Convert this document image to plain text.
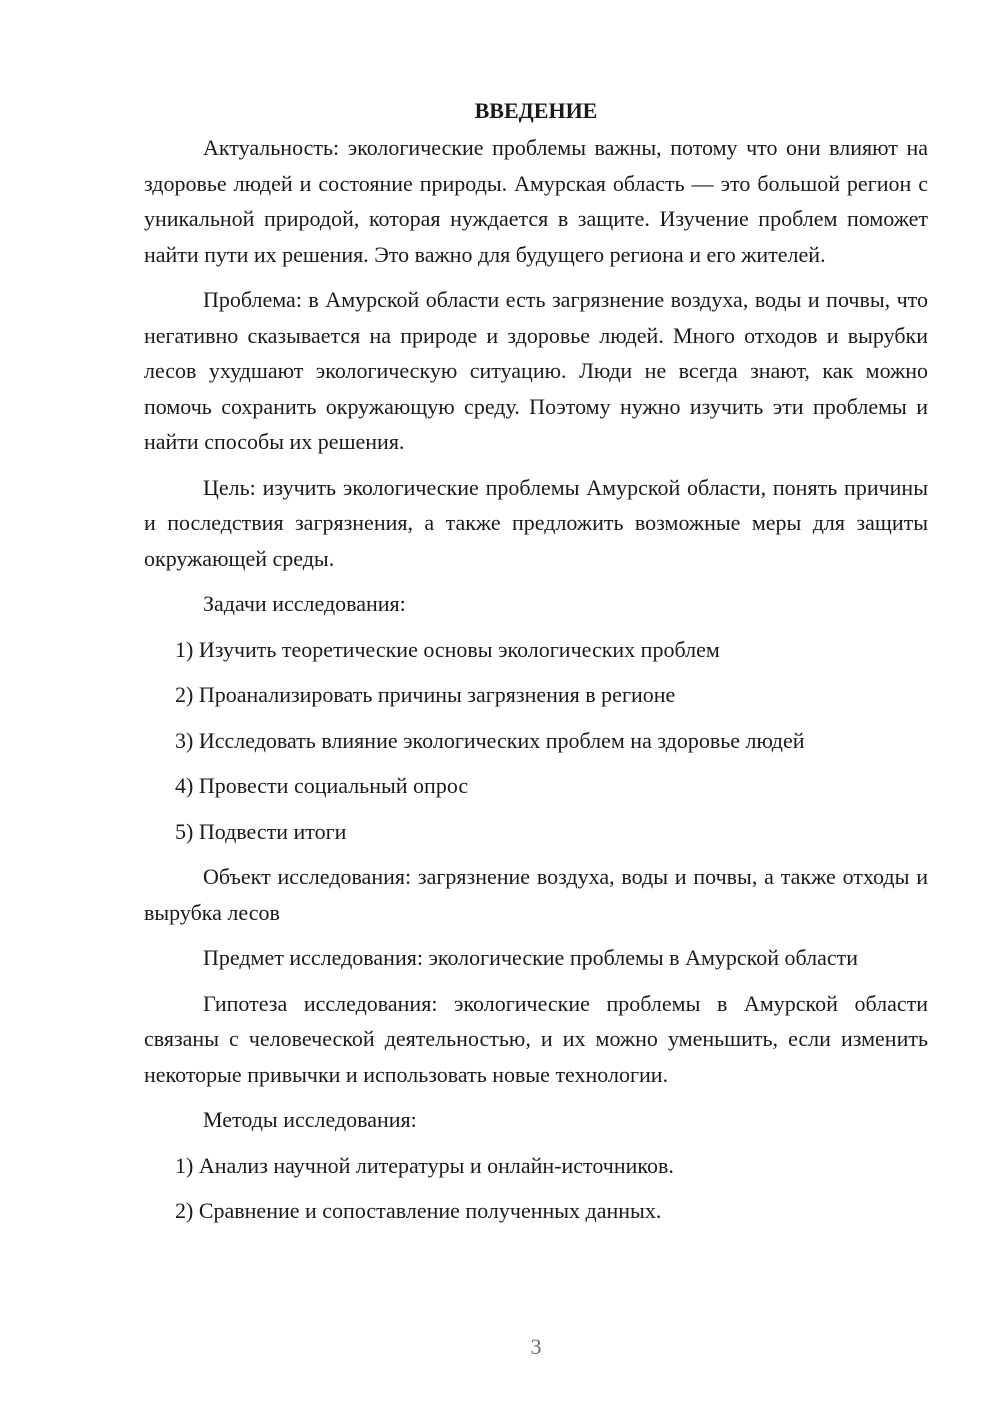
ВВЕДЕНИЕ

Актуальность: экологические проблемы важны, потому что они влияют на здоровье людей и состояние природы. Амурская область — это большой регион с уникальной природой, которая нуждается в защите. Изучение проблем поможет найти пути их решения. Это важно для будущего региона и его жителей.

Проблема: в Амурской области есть загрязнение воздуха, воды и почвы, что негативно сказывается на природе и здоровье людей. Много отходов и вырубки лесов ухудшают экологическую ситуацию. Люди не всегда знают, как можно помочь сохранить окружающую среду. Поэтому нужно изучить эти проблемы и найти способы их решения.

Цель: изучить экологические проблемы Амурской области, понять причины и последствия загрязнения, а также предложить возможные меры для защиты окружающей среды.

Задачи исследования:

1) Изучить теоретические основы экологических проблем

2) Проанализировать причины загрязнения в регионе

3) Исследовать влияние экологических проблем на здоровье людей

4) Провести социальный опрос

5) Подвести итоги

Объект исследования: загрязнение воздуха, воды и почвы, а также отходы и вырубка лесов

Предмет исследования: экологические проблемы в Амурской области

Гипотеза исследования: экологические проблемы в Амурской области связаны с человеческой деятельностью, и их можно уменьшить, если изменить некоторые привычки и использовать новые технологии.

Методы исследования:

1) Анализ научной литературы и онлайн-источников.

2) Сравнение и сопоставление полученных данных.

3
